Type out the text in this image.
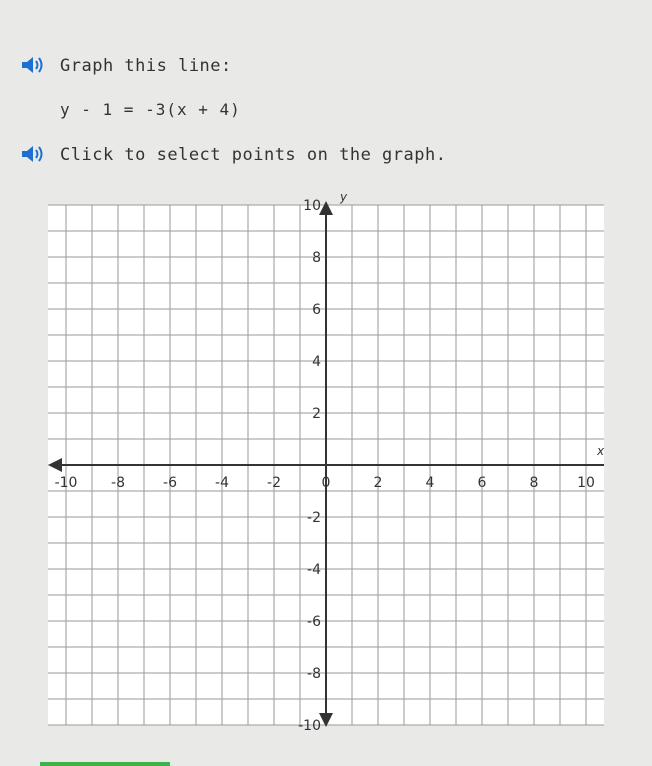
Graph this line:
y - 1 = -3(x + 4)
Click to select points on the graph.
x
y
-10 -8	-6	-4	-2	0	2	4	6	8	10
10
8
6
4
2
-2
-4
-6
-8
-10
